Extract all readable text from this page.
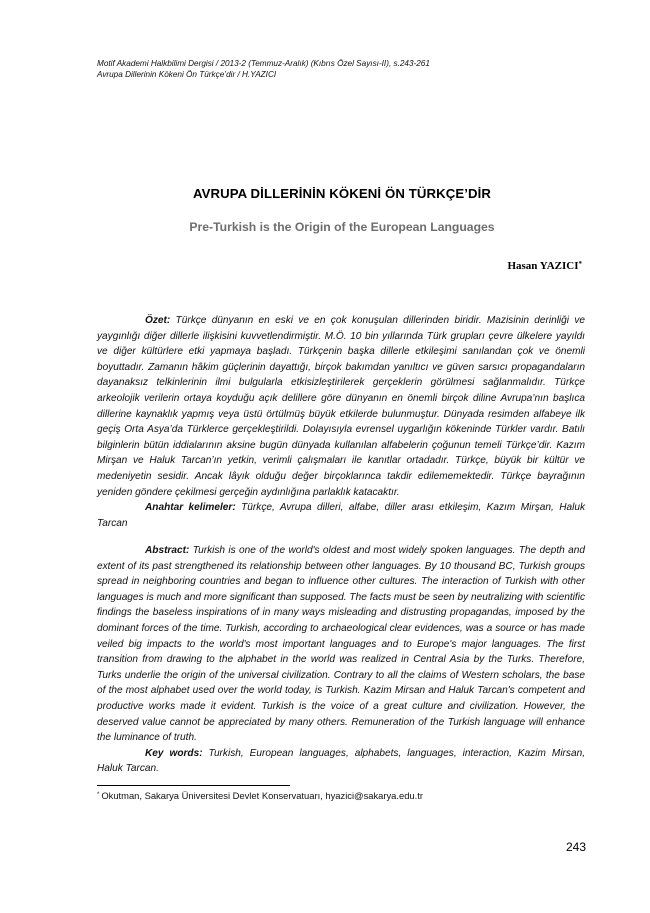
Motif Akademi Halkbilimi Dergisi / 2013-2 (Temmuz-Aralık) (Kıbrıs Özel Sayısı-II), s.243-261
Avrupa Dillerinin Kökeni Ön Türkçe’dir / H.YAZICI
AVRUPA DİLLERİNİN KÖKENİ ÖN TÜRKÇE’DİR
Pre-Turkish is the Origin of the European Languages
Hasan YAZICI*

Özet: Türkçe dünyanın en eski ve en çok konuşulan dillerinden biridir. Mazisinin derinliği ve yaygınlığı diğer dillerle ilişkisini kuvvetlendirmiştir. M.Ö. 10 bin yıllarında Türk grupları çevre ülkelere yayıldı ve diğer kültürlere etki yapmaya başladı. Türkçenin başka dillerle etkileşimi sanılandan çok ve önemli boyuttadır. Zamanın hâkim güçlerinin dayattığı, birçok bakımdan yanıltıcı ve güven sarsıcı propagandaların dayanaksız telkinlerinin ilmi bulgularla etkisizleştirilerek gerçeklerin görülmesi sağlanmalıdır. Türkçe arkeolojik verilerin ortaya koyduğu açık delillere göre dünyanın en önemli birçok diline Avrupa’nın başlıca dillerine kaynaklık yapmış veya üstü örtülmüş büyük etkilerde bulunmuştur. Dünyada resimden alfabeye ilk geçiş Orta Asya’da Türklerce gerçekleştirildi. Dolayısıyla evrensel uygarlığın kökeninde Türkler vardır. Batılı bilginlerin bütün iddialarının aksine bugün dünyada kullanılan alfabelerin çoğunun temeli Türkçe’dir. Kazım Mirşan ve Haluk Tarcan’ın yetkin, verimli çalışmaları ile kanıtlar ortadadır. Türkçe, büyük bir kültür ve medeniyetin sesidir. Ancak lâyık olduğu değer birçoklarınca takdir edilememektedir. Türkçe bayrağının yeniden göndere çekilmesi gerçeğin aydınlığına parlaklık katacaktır.

Anahtar kelimeler: Türkçe, Avrupa dilleri, alfabe, diller arası etkileşim, Kazım Mirşan, Haluk Tarcan

Abstract: Turkish is one of the world's oldest and most widely spoken languages. The depth and extent of its past strengthened its relationship between other languages. By 10 thousand BC, Turkish groups spread in neighboring countries and began to influence other cultures. The interaction of Turkish with other languages is much and more significant than supposed. The facts must be seen by neutralizing with scientific findings the baseless inspirations of in many ways misleading and distrusting propagandas, imposed by the dominant forces of the time. Turkish, according to archaeological clear evidences, was a source or has made veiled big impacts to the world's most important languages and to Europe's major languages. The first transition from drawing to the alphabet in the world was realized in Central Asia by the Turks. Therefore, Turks underlie the origin of the universal civilization. Contrary to all the claims of Western scholars, the base of the most alphabet used over the world today, is Turkish. Kazim Mirsan and Haluk Tarcan's competent and productive works made it evident. Turkish is the voice of a great culture and civilization. However, the deserved value cannot be appreciated by many others. Remuneration of the Turkish language will enhance the luminance of truth.

Key words: Turkish, European languages, alphabets, languages, interaction, Kazim Mirsan, Haluk Tarcan.

* Okutman, Sakarya Üniversitesi Devlet Konservatuarı, hyazici@sakarya.edu.tr
243
